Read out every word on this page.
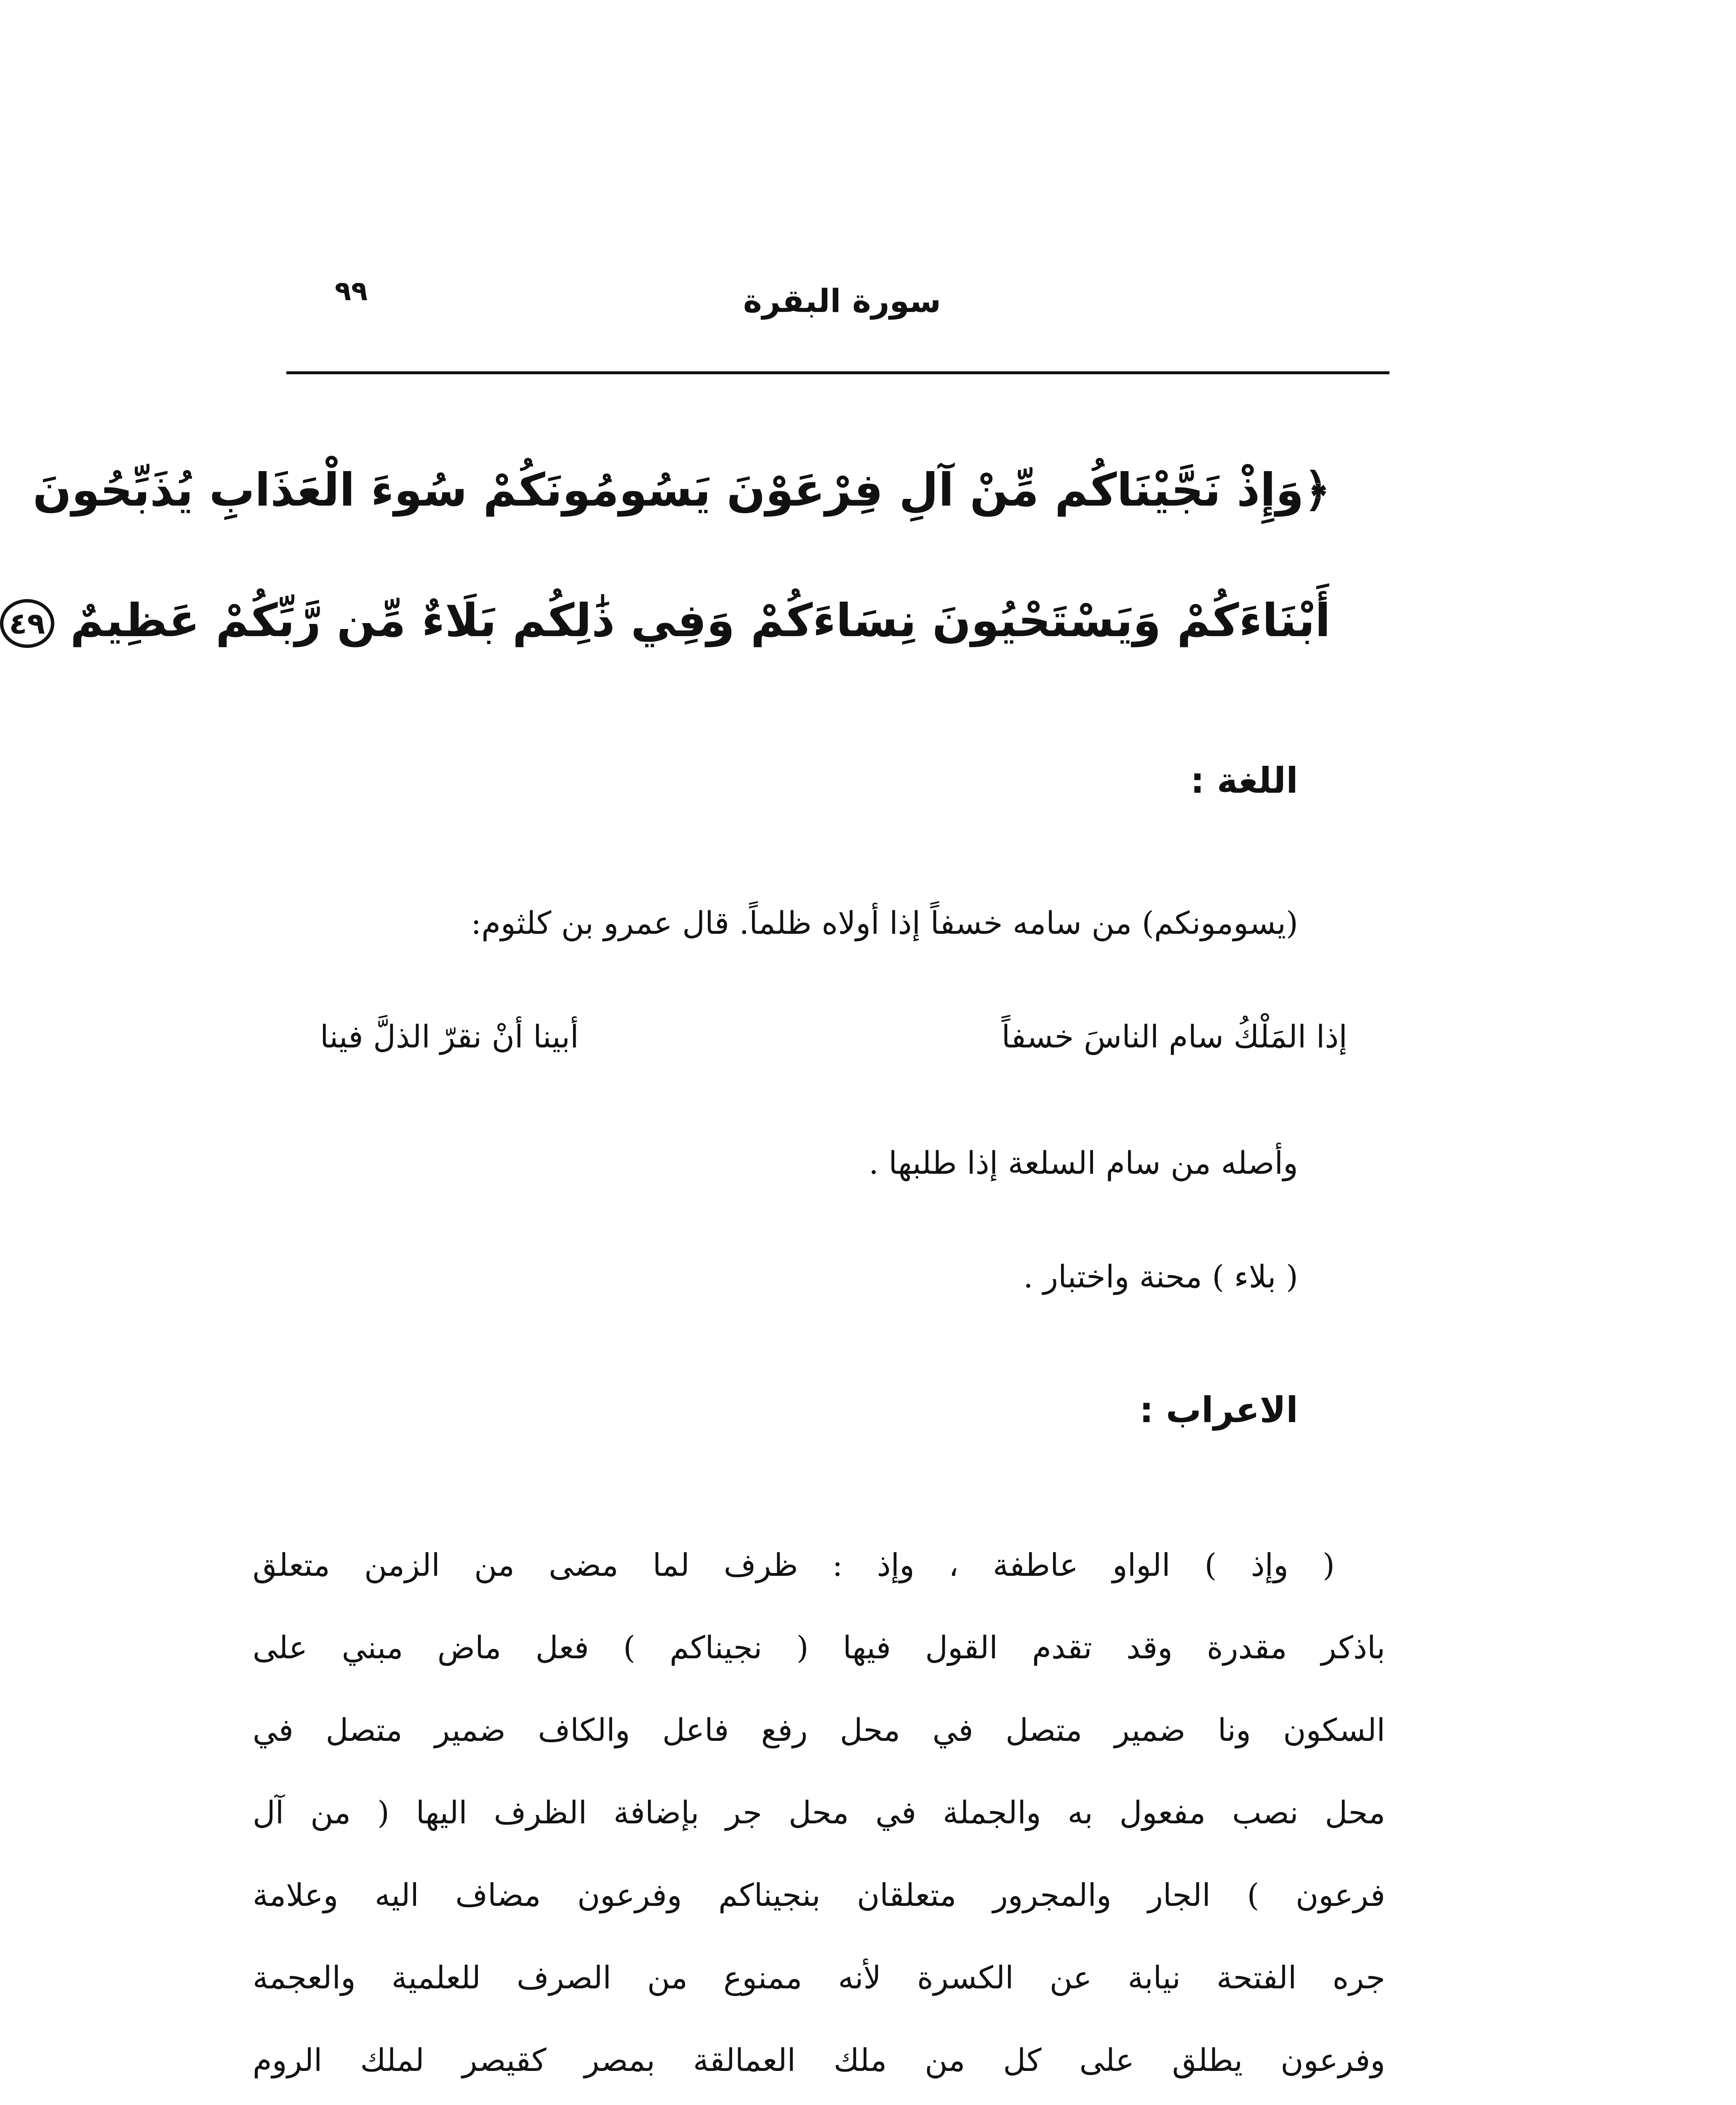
٩٩	سورة البقرة
﴿وَإِذْ نَجَّيْنَاكُم مِّنْ آلِ فِرْعَوْنَ يَسُومُونَكُمْ سُوءَ الْعَذَابِ يُذَبِّحُونَ
أَبْنَاءَكُمْ وَيَسْتَحْيُونَ نِسَاءَكُمْ وَفِي ذَٰلِكُم بَلَاءٌ مِّن رَّبِّكُمْ عَظِيمٌ ٤٩
اللغة :
(يسومونكم) من سامه خسفاً إذا أولاه ظلماً. قال عمرو بن كلثوم:
إذا المَلْكُ سام الناسَ خسفاً
أبينا أنْ نقرّ الذلَّ فينا
وأصله من سام السلعة إذا طلبها .
( بلاء ) محنة واختبار .
الاعراب :
( وإذ ) الواو عاطفة ، وإذ : ظرف لما مضى من الزمن متعلق
باذكر مقدرة وقد تقدم القول فيها ( نجيناكم ) فعل ماض مبني على
السكون ونا ضمير متصل في محل رفع فاعل والكاف ضمير متصل في
محل نصب مفعول به والجملة في محل جر بإضافة الظرف اليها ( من آل
فرعون ) الجار والمجرور متعلقان بنجيناكم وفرعون مضاف اليه وعلامة
جره الفتحة نيابة عن الكسرة لأنه ممنوع من الصرف للعلمية والعجمة
وفرعون يطلق على كل من ملك العمالقة بمصر كقيصر لملك الروم
